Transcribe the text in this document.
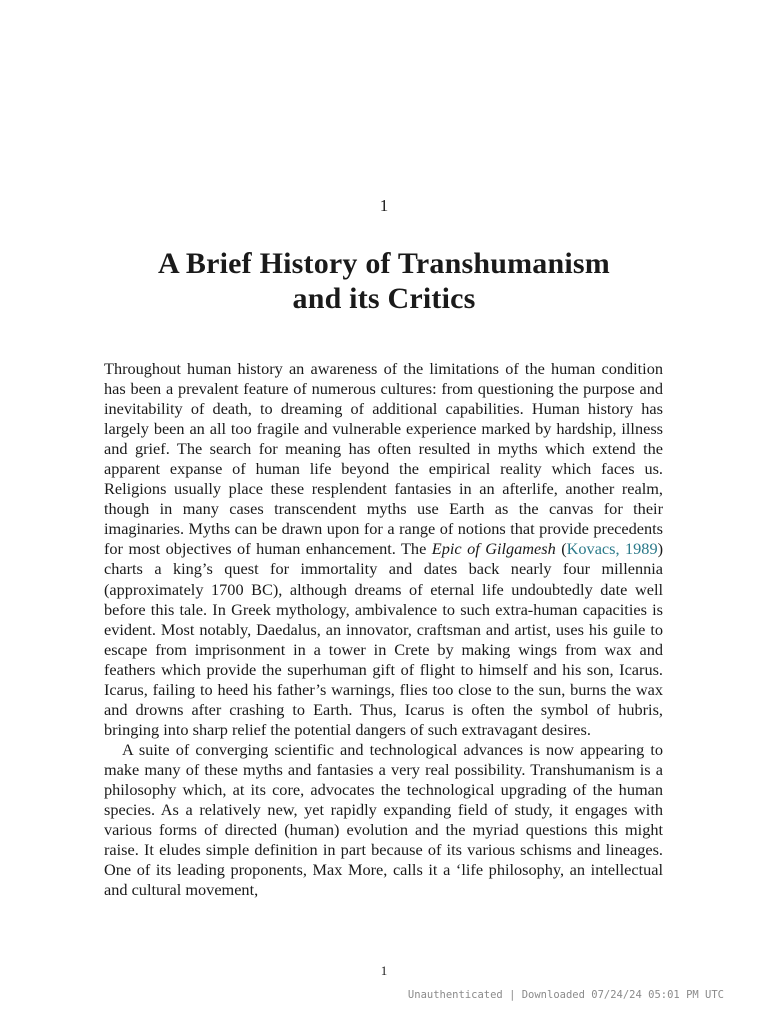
1
A Brief History of Transhumanism
and its Critics

Throughout human history an awareness of the limitations of the human condition has been a prevalent feature of numerous cultures: from questioning the purpose and inevitability of death, to dreaming of additional capabilities. Human history has largely been an all too fragile and vulnerable experience marked by hardship, illness and grief. The search for meaning has often resulted in myths which extend the apparent expanse of human life beyond the empirical reality which faces us. Religions usually place these resplendent fantasies in an afterlife, another realm, though in many cases transcendent myths use Earth as the canvas for their imaginaries. Myths can be drawn upon for a range of notions that provide precedents for most objectives of human enhancement. The Epic of Gilgamesh (Kovacs, 1989) charts a king’s quest for immortality and dates back nearly four millennia (approximately 1700 BC), although dreams of eternal life undoubtedly date well before this tale. In Greek mythology, ambivalence to such extra-human capacities is evident. Most notably, Daedalus, an innovator, craftsman and artist, uses his guile to escape from imprisonment in a tower in Crete by making wings from wax and feathers which provide the superhuman gift of flight to himself and his son, Icarus. Icarus, failing to heed his father’s warnings, flies too close to the sun, burns the wax and drowns after crashing to Earth. Thus, Icarus is often the symbol of hubris, bringing into sharp relief the potential dangers of such extravagant desires.

A suite of converging scientific and technological advances is now appearing to make many of these myths and fantasies a very real possibility. Transhumanism is a philosophy which, at its core, advocates the technological upgrading of the human species. As a relatively new, yet rapidly expanding field of study, it engages with various forms of directed (human) evolution and the myriad questions this might raise. It eludes simple definition in part because of its various schisms and lineages. One of its leading proponents, Max More, calls it a ‘life philosophy, an intellectual and cultural movement,

1
Unauthenticated | Downloaded 07/24/24 05:01 PM UTC
